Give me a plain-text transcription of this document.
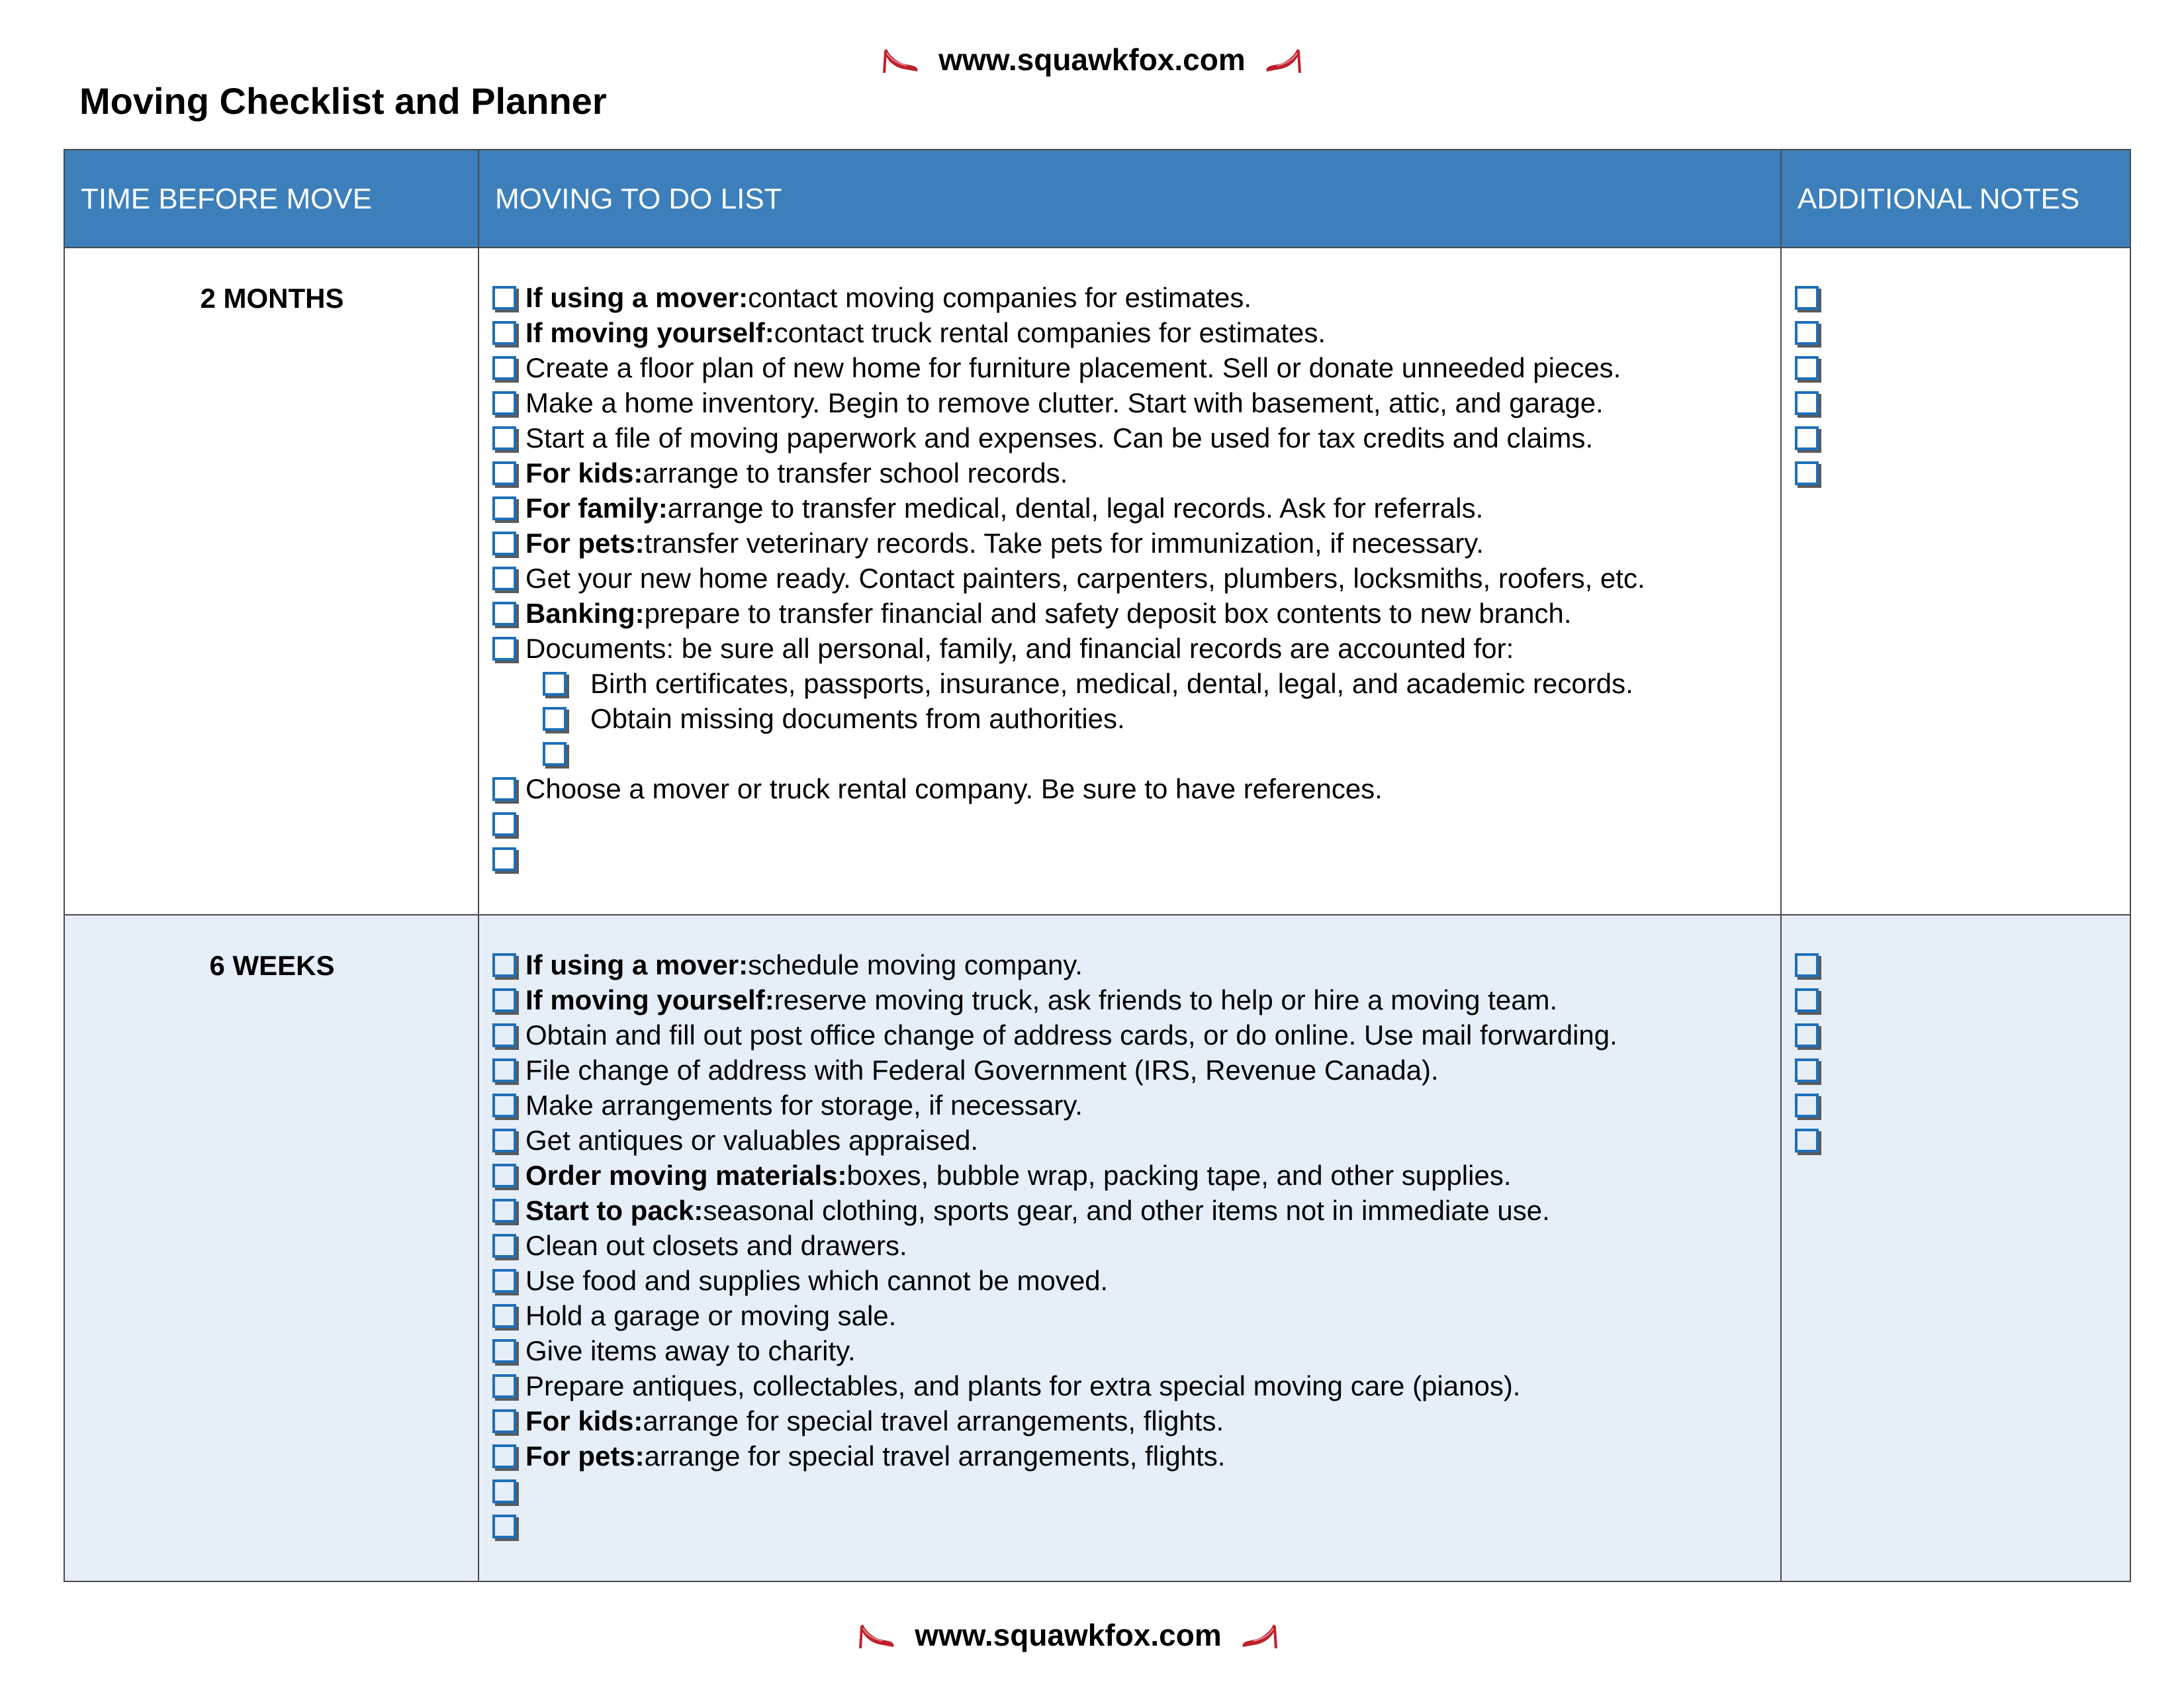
www.squawkfox.com
Moving Checklist and Planner
TIME BEFORE MOVE	MOVING TO DO LIST	ADDITIONAL NOTES

2 MONTHS	If using a mover: contact moving companies for estimates.
If moving yourself: contact truck rental companies for estimates.
Create a floor plan of new home for furniture placement. Sell or donate unneeded pieces.
Make a home inventory. Begin to remove clutter. Start with basement, attic, and garage.
Start a file of moving paperwork and expenses. Can be used for tax credits and claims.
For kids: arrange to transfer school records.
For family: arrange to transfer medical, dental, legal records. Ask for referrals.
For pets: transfer veterinary records. Take pets for immunization, if necessary.
Get your new home ready. Contact painters, carpenters, plumbers, locksmiths, roofers, etc.
Banking: prepare to transfer financial and safety deposit box contents to new branch.
Documents: be sure all personal, family, and financial records are accounted for:
Birth certificates, passports, insurance, medical, dental, legal, and academic records.
Obtain missing documents from authorities.
Choose a mover or truck rental company. Be sure to have references.

6 WEEKS	If using a mover: schedule moving company.
If moving yourself: reserve moving truck, ask friends to help or hire a moving team.
Obtain and fill out post office change of address cards, or do online. Use mail forwarding.
File change of address with Federal Government (IRS, Revenue Canada).
Make arrangements for storage, if necessary.
Get antiques or valuables appraised.
Order moving materials: boxes, bubble wrap, packing tape, and other supplies.
Start to pack: seasonal clothing, sports gear, and other items not in immediate use.
Clean out closets and drawers.
Use food and supplies which cannot be moved.
Hold a garage or moving sale.
Give items away to charity.
Prepare antiques, collectables, and plants for extra special moving care (pianos).
For kids: arrange for special travel arrangements, flights.
For pets: arrange for special travel arrangements, flights.
www.squawkfox.com
